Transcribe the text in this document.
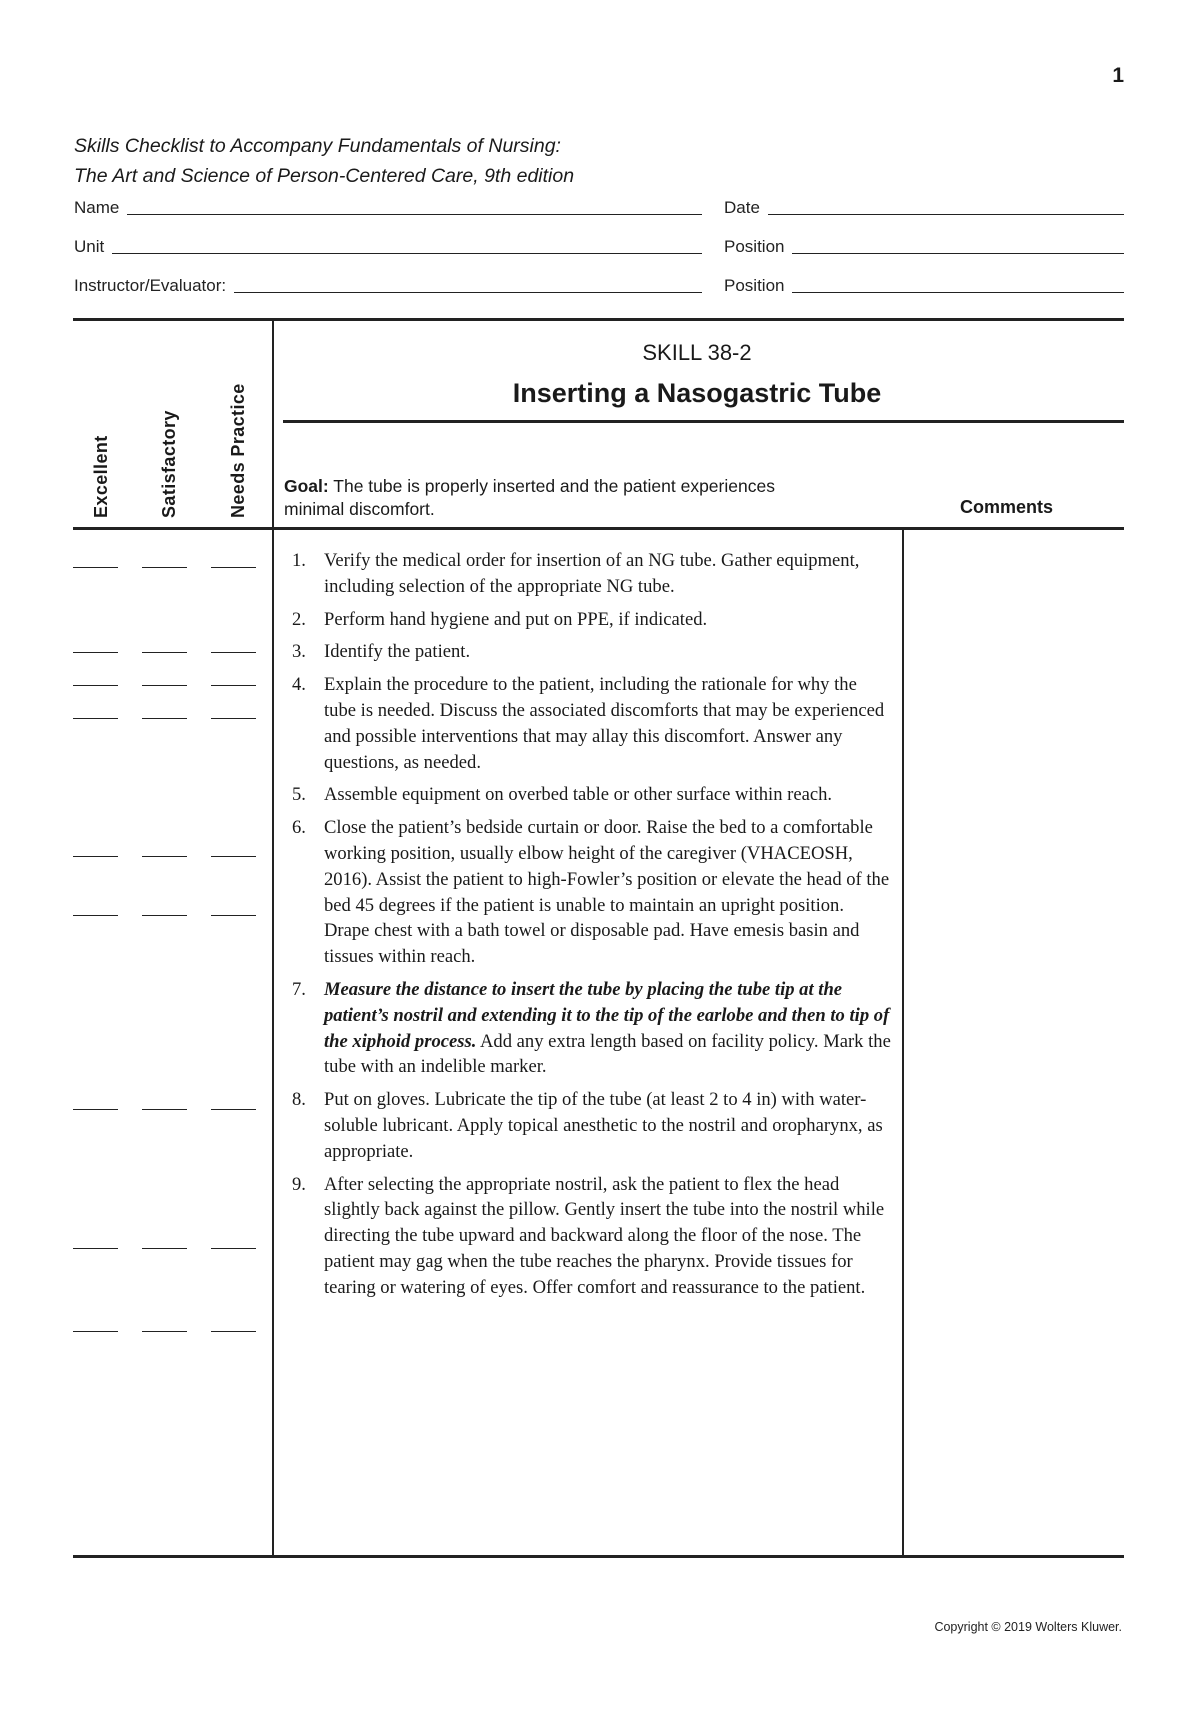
1
Skills Checklist to Accompany Fundamentals of Nursing:
The Art and Science of Person-Centered Care, 9th edition
Name	Date
Unit	Position
Instructor/Evaluator:	Position
Excellent	Satisfactory	Needs Practice
SKILL 38-2
Inserting a Nasogastric Tube
Goal: The tube is properly inserted and the patient experiences
minimal discomfort.	Comments
1. Verify the medical order for insertion of an NG tube. Gather equipment, including selection of the appropriate NG tube.
2. Perform hand hygiene and put on PPE, if indicated.
3. Identify the patient.
4. Explain the procedure to the patient, including the rationale for why the tube is needed. Discuss the associated discomforts that may be experienced and possible interventions that may allay this discomfort. Answer any questions, as needed.
5. Assemble equipment on overbed table or other surface within reach.
6. Close the patient’s bedside curtain or door. Raise the bed to a comfortable working position, usually elbow height of the caregiver (VHACEOSH, 2016). Assist the patient to high-Fowler’s position or elevate the head of the bed 45 degrees if the patient is unable to maintain an upright position. Drape chest with a bath towel or disposable pad. Have emesis basin and tissues within reach.
7. Measure the distance to insert the tube by placing the tube tip at the patient’s nostril and extending it to the tip of the earlobe and then to tip of the xiphoid process. Add any extra length based on facility policy. Mark the tube with an indelible marker.
8. Put on gloves. Lubricate the tip of the tube (at least 2 to 4 in) with water-soluble lubricant. Apply topical anesthetic to the nostril and oropharynx, as appropriate.
9. After selecting the appropriate nostril, ask the patient to flex the head slightly back against the pillow. Gently insert the tube into the nostril while directing the tube upward and backward along the floor of the nose. The patient may gag when the tube reaches the pharynx. Provide tissues for tearing or watering of eyes. Offer comfort and reassurance to the patient.
Copyright © 2019 Wolters Kluwer.
